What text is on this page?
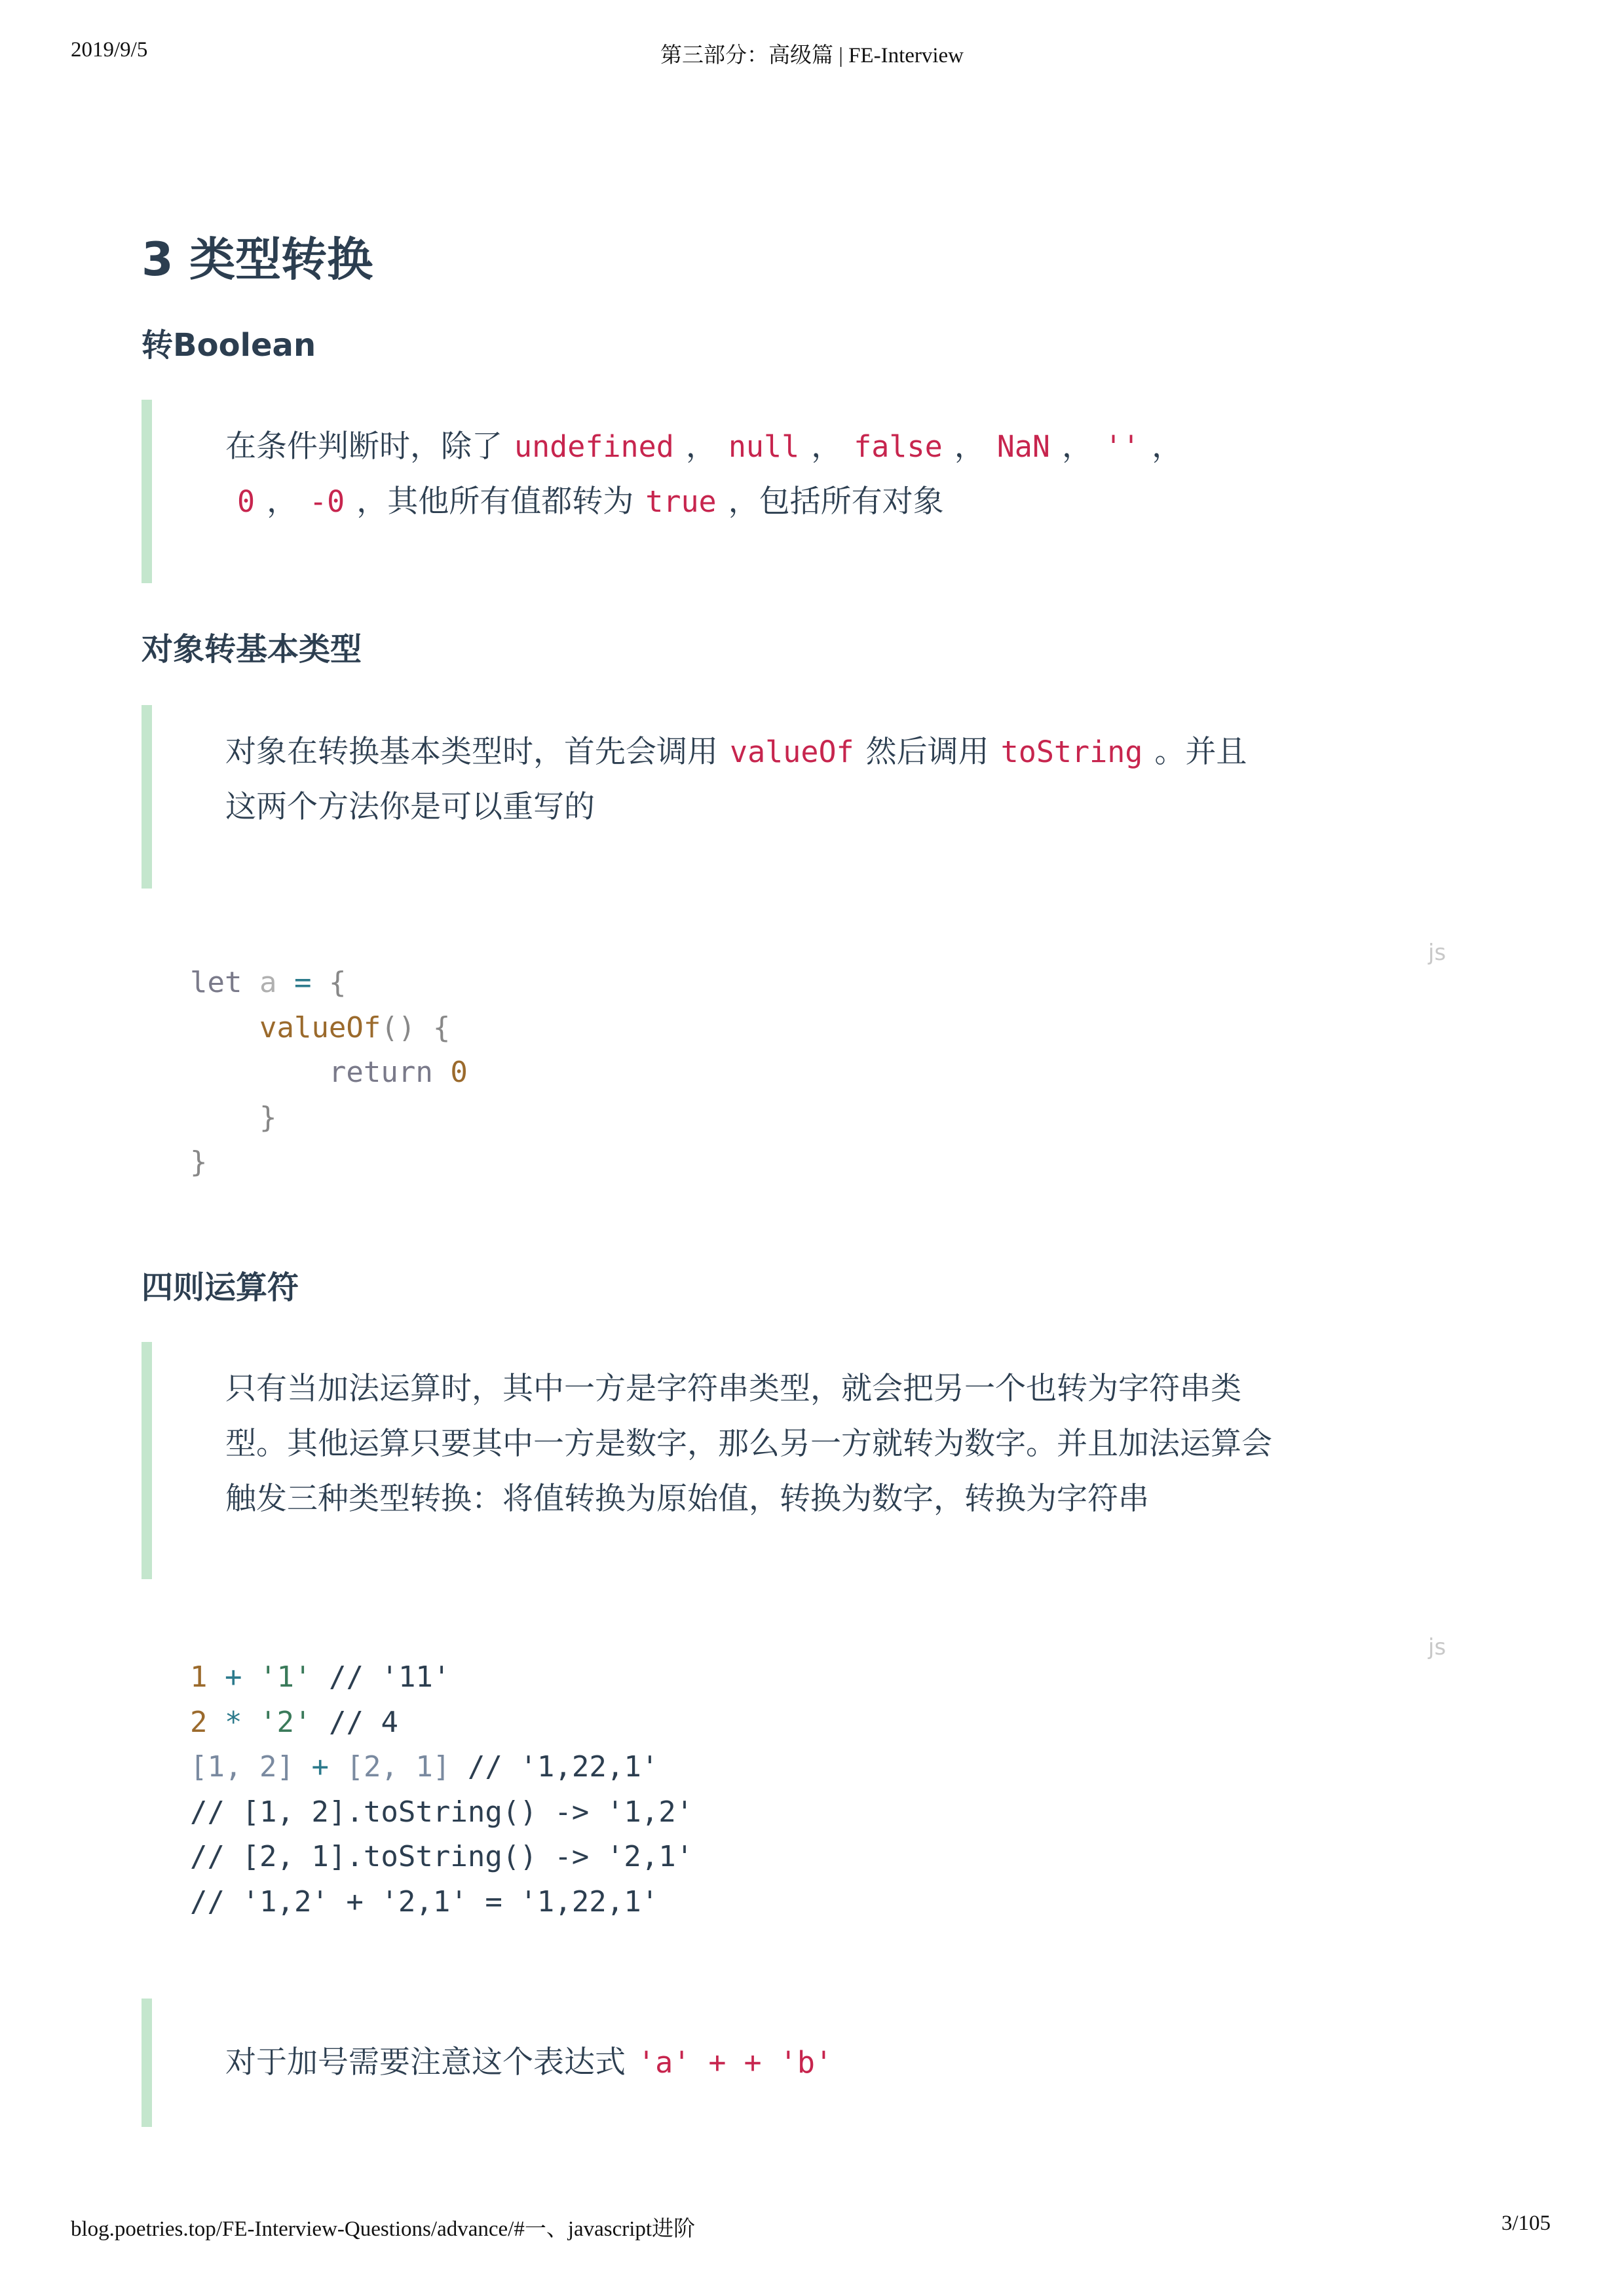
2019/9/5	第三部分：高级篇 | FE-Interview
3 类型转换
转Boolean
在条件判断时，除了 undefined ， null ， false ， NaN ， '' ，
0 ， -0 ，其他所有值都转为 true ，包括所有对象
对象转基本类型
对象在转换基本类型时，首先会调用 valueOf 然后调用 toString 。并且
这两个方法你是可以重写的
js
let a = {
valueOf() {
return 0
}
}
四则运算符
只有当加法运算时，其中一方是字符串类型，就会把另一个也转为字符串类
型。其他运算只要其中一方是数字，那么另一方就转为数字。并且加法运算会
触发三种类型转换：将值转换为原始值，转换为数字，转换为字符串
js
1 + '1' // '11'
2 * '2' // 4
[1, 2] + [2, 1] // '1,22,1'
// [1, 2].toString() -> '1,2'
// [2, 1].toString() -> '2,1'
// '1,2' + '2,1' = '1,22,1'
对于加号需要注意这个表达式 'a' + + 'b'
blog.poetries.top/FE-Interview-Questions/advance/#一、javascript进阶	3/105
